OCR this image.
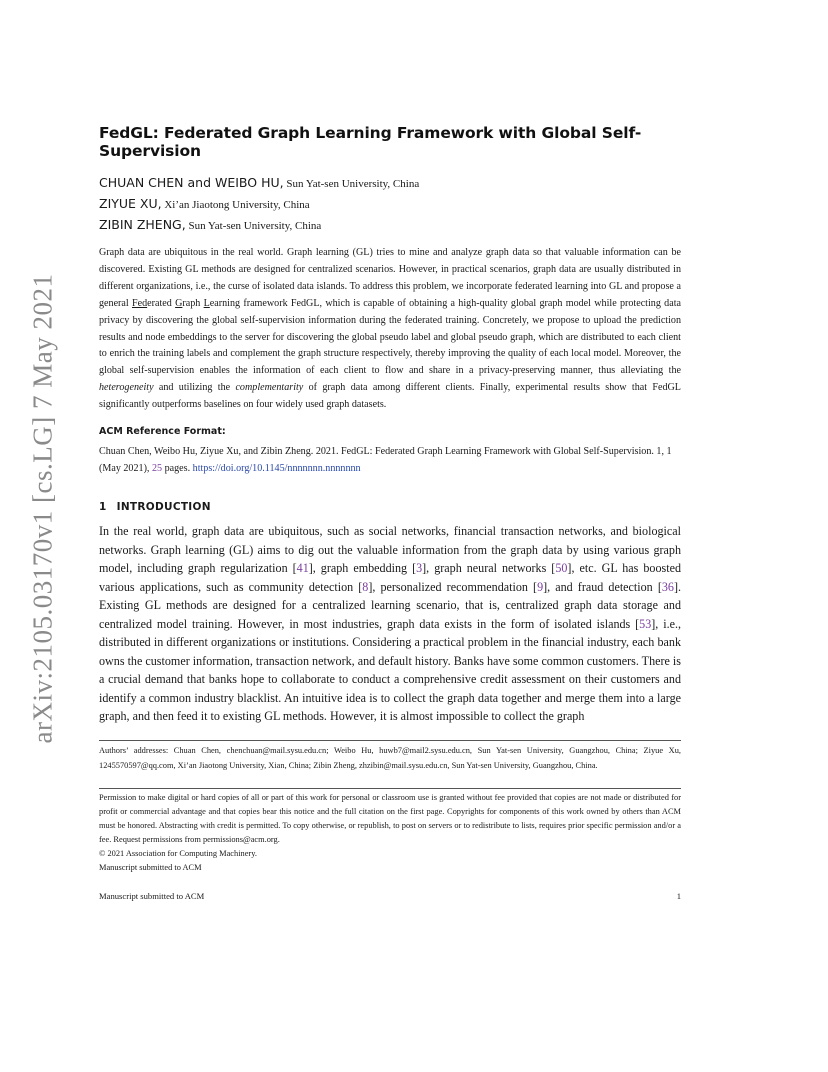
arXiv:2105.03170v1 [cs.LG] 7 May 2021
FedGL: Federated Graph Learning Framework with Global Self-Supervision
CHUAN CHEN and WEIBO HU, Sun Yat-sen University, China
ZIYUE XU, Xi’an Jiaotong University, China
ZIBIN ZHENG, Sun Yat-sen University, China

Graph data are ubiquitous in the real world. Graph learning (GL) tries to mine and analyze graph data so that valuable information can be discovered. Existing GL methods are designed for centralized scenarios. However, in practical scenarios, graph data are usually distributed in different organizations, i.e., the curse of isolated data islands. To address this problem, we incorporate federated learning into GL and propose a general Federated Graph Learning framework FedGL, which is capable of obtaining a high-quality global graph model while protecting data privacy by discovering the global self-supervision information during the federated training. Concretely, we propose to upload the prediction results and node embeddings to the server for discovering the global pseudo label and global pseudo graph, which are distributed to each client to enrich the training labels and complement the graph structure respectively, thereby improving the quality of each local model. Moreover, the global self-supervision enables the information of each client to flow and share in a privacy-preserving manner, thus alleviating the heterogeneity and utilizing the complementarity of graph data among different clients. Finally, experimental results show that FedGL significantly outperforms baselines on four widely used graph datasets.

ACM Reference Format:

Chuan Chen, Weibo Hu, Ziyue Xu, and Zibin Zheng. 2021. FedGL: Federated Graph Learning Framework with Global Self-Supervision. 1, 1 (May 2021), 25 pages. https://doi.org/10.1145/nnnnnnn.nnnnnnn

1 INTRODUCTION

In the real world, graph data are ubiquitous, such as social networks, financial transaction networks, and biological networks. Graph learning (GL) aims to dig out the valuable information from the graph data by using various graph model, including graph regularization [41], graph embedding [3], graph neural networks [50], etc. GL has boosted various applications, such as community detection [8], personalized recommendation [9], and fraud detection [36]. Existing GL methods are designed for a centralized learning scenario, that is, centralized graph data storage and centralized model training. However, in most industries, graph data exists in the form of isolated islands [53], i.e., distributed in different organizations or institutions. Considering a practical problem in the financial industry, each bank owns the customer information, transaction network, and default history. Banks have some common customers. There is a crucial demand that banks hope to collaborate to conduct a comprehensive credit assessment on their customers and identify a common industry blacklist. An intuitive idea is to collect the graph data together and merge them into a large graph, and then feed it to existing GL methods. However, it is almost impossible to collect the graph

Authors’ addresses: Chuan Chen, chenchuan@mail.sysu.edu.cn; Weibo Hu, huwb7@mail2.sysu.edu.cn, Sun Yat-sen University, Guangzhou, China; Ziyue Xu, 1245570597@qq.com, Xi’an Jiaotong University, Xian, China; Zibin Zheng, zhzibin@mail.sysu.edu.cn, Sun Yat-sen University, Guangzhou, China.

Permission to make digital or hard copies of all or part of this work for personal or classroom use is granted without fee provided that copies are not made or distributed for profit or commercial advantage and that copies bear this notice and the full citation on the first page. Copyrights for components of this work owned by others than ACM must be honored. Abstracting with credit is permitted. To copy otherwise, or republish, to post on servers or to redistribute to lists, requires prior specific permission and/or a fee. Request permissions from permissions@acm.org.
© 2021 Association for Computing Machinery.
Manuscript submitted to ACM

Manuscript submitted to ACM	1
